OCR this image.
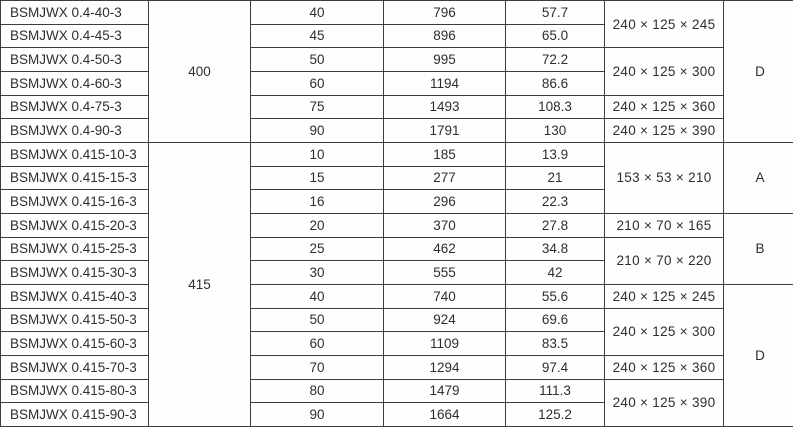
BSMJWX 0.4-40-3	400	40	796	57.7	240 × 125 × 245	D
BSMJWX 0.4-45-3		45	896	65.0		
BSMJWX 0.4-50-3		50	995	72.2	240 × 125 × 300	
BSMJWX 0.4-60-3		60	1194	86.6		
BSMJWX 0.4-75-3		75	1493	108.3	240 × 125 × 360	
BSMJWX 0.4-90-3		90	1791	130	240 × 125 × 390	
BSMJWX 0.415-10-3	415	10	185	13.9	153 × 53 × 210	A
BSMJWX 0.415-15-3		15	277	21		
BSMJWX 0.415-16-3		16	296	22.3		
BSMJWX 0.415-20-3		20	370	27.8	210 × 70 × 165	B
BSMJWX 0.415-25-3		25	462	34.8	210 × 70 × 220	
BSMJWX 0.415-30-3		30	555	42		
BSMJWX 0.415-40-3		40	740	55.6	240 × 125 × 245	D
BSMJWX 0.415-50-3		50	924	69.6	240 × 125 × 300	
BSMJWX 0.415-60-3		60	1109	83.5		
BSMJWX 0.415-70-3		70	1294	97.4	240 × 125 × 360	
BSMJWX 0.415-80-3		80	1479	111.3	240 × 125 × 390	
BSMJWX 0.415-90-3		90	1664	125.2		
